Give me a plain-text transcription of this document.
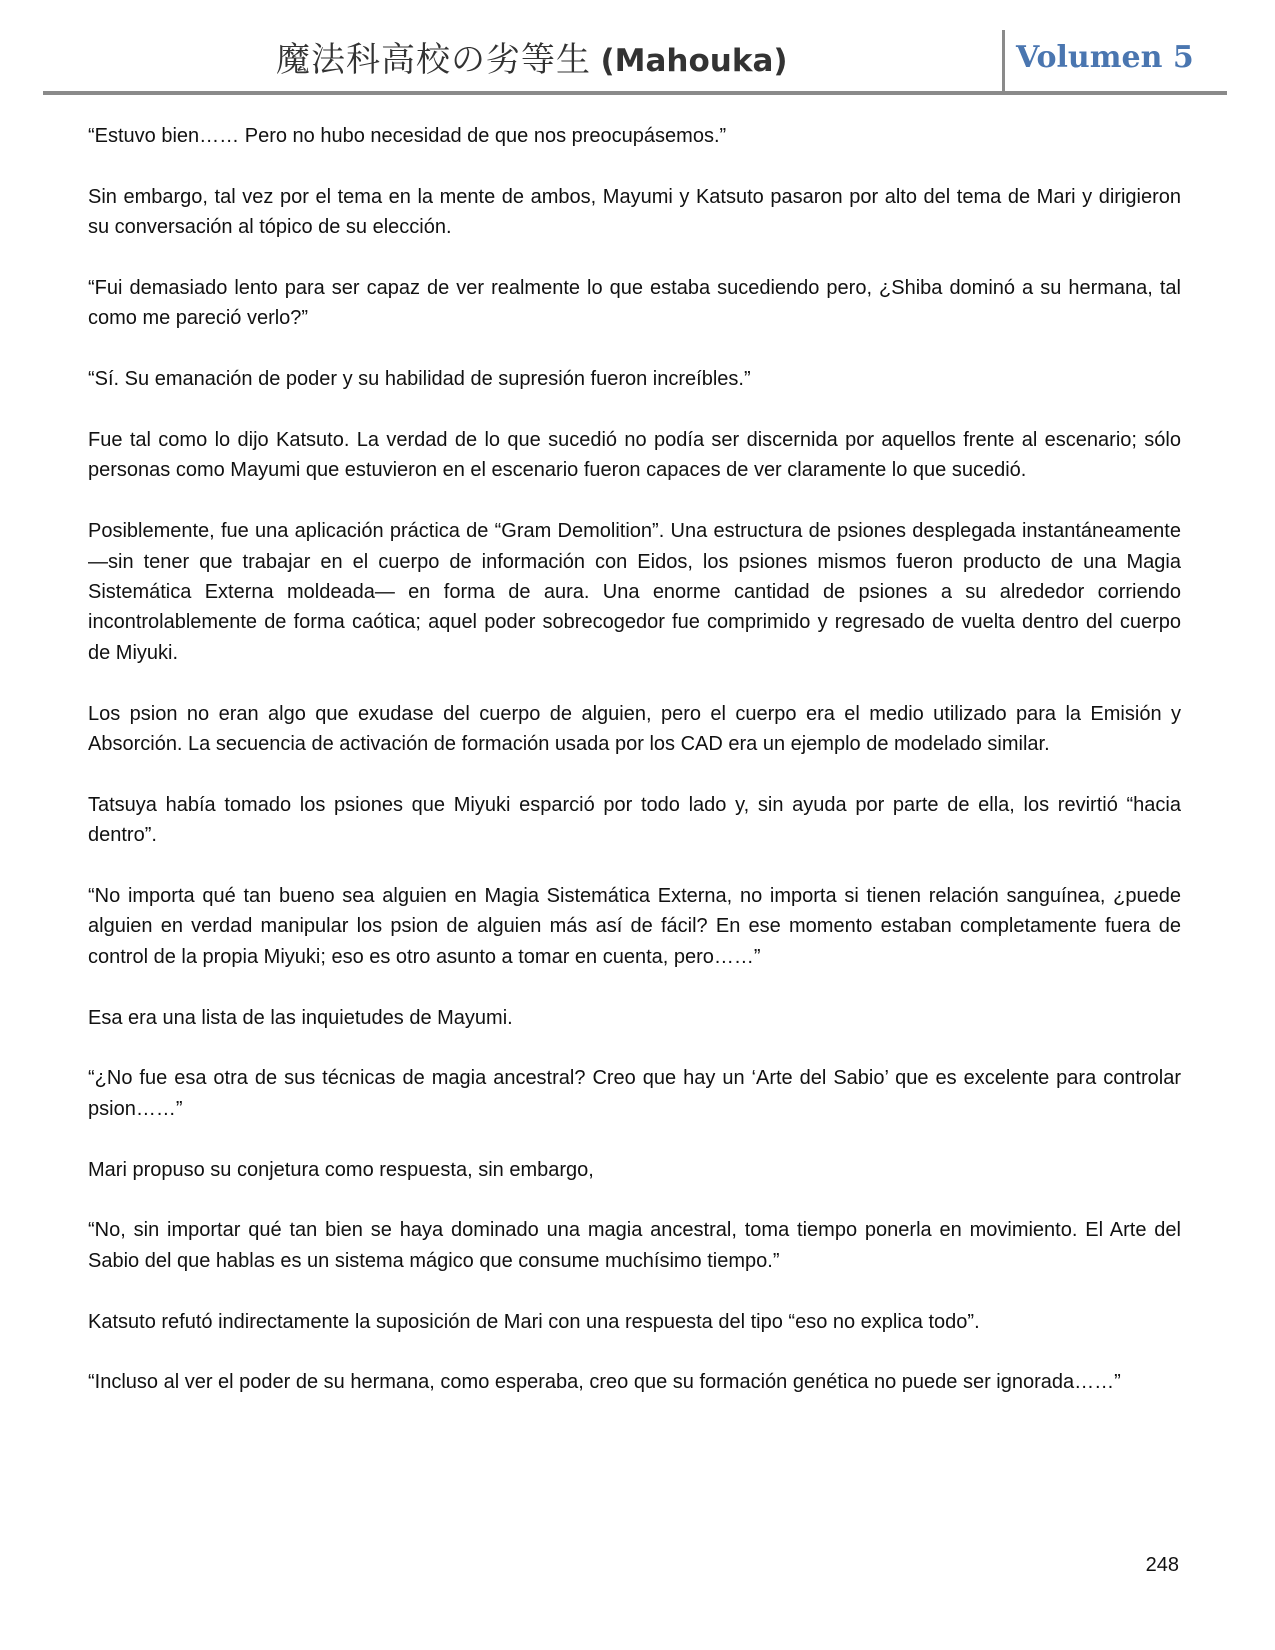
魔法科高校の劣等生 (Mahouka)	Volumen 5

“Estuvo bien…… Pero no hubo necesidad de que nos preocupásemos.”

Sin embargo, tal vez por el tema en la mente de ambos, Mayumi y Katsuto pasaron por alto del tema de Mari y dirigieron su conversación al tópico de su elección.

“Fui demasiado lento para ser capaz de ver realmente lo que estaba sucediendo pero, ¿Shiba dominó a su hermana, tal como me pareció verlo?”

“Sí. Su emanación de poder y su habilidad de supresión fueron increíbles.”

Fue tal como lo dijo Katsuto. La verdad de lo que sucedió no podía ser discernida por aquellos frente al escenario; sólo personas como Mayumi que estuvieron en el escenario fueron capaces de ver claramente lo que sucedió.

Posiblemente, fue una aplicación práctica de “Gram Demolition”. Una estructura de psiones desplegada instantáneamente —sin tener que trabajar en el cuerpo de información con Eidos, los psiones mismos fueron producto de una Magia Sistemática Externa moldeada— en forma de aura. Una enorme cantidad de psiones a su alrededor corriendo incontrolablemente de forma caótica; aquel poder sobrecogedor fue comprimido y regresado de vuelta dentro del cuerpo de Miyuki.

Los psion no eran algo que exudase del cuerpo de alguien, pero el cuerpo era el medio utilizado para la Emisión y Absorción. La secuencia de activación de formación usada por los CAD era un ejemplo de modelado similar.

Tatsuya había tomado los psiones que Miyuki esparció por todo lado y, sin ayuda por parte de ella, los revirtió “hacia dentro”.

“No importa qué tan bueno sea alguien en Magia Sistemática Externa, no importa si tienen relación sanguínea, ¿puede alguien en verdad manipular los psion de alguien más así de fácil? En ese momento estaban completamente fuera de control de la propia Miyuki; eso es otro asunto a tomar en cuenta, pero……”

Esa era una lista de las inquietudes de Mayumi.

“¿No fue esa otra de sus técnicas de magia ancestral? Creo que hay un ‘Arte del Sabio’ que es excelente para controlar psion……”

Mari propuso su conjetura como respuesta, sin embargo,

“No, sin importar qué tan bien se haya dominado una magia ancestral, toma tiempo ponerla en movimiento. El Arte del Sabio del que hablas es un sistema mágico que consume muchísimo tiempo.”

Katsuto refutó indirectamente la suposición de Mari con una respuesta del tipo “eso no explica todo”.

“Incluso al ver el poder de su hermana, como esperaba, creo que su formación genética no puede ser ignorada……”

248
